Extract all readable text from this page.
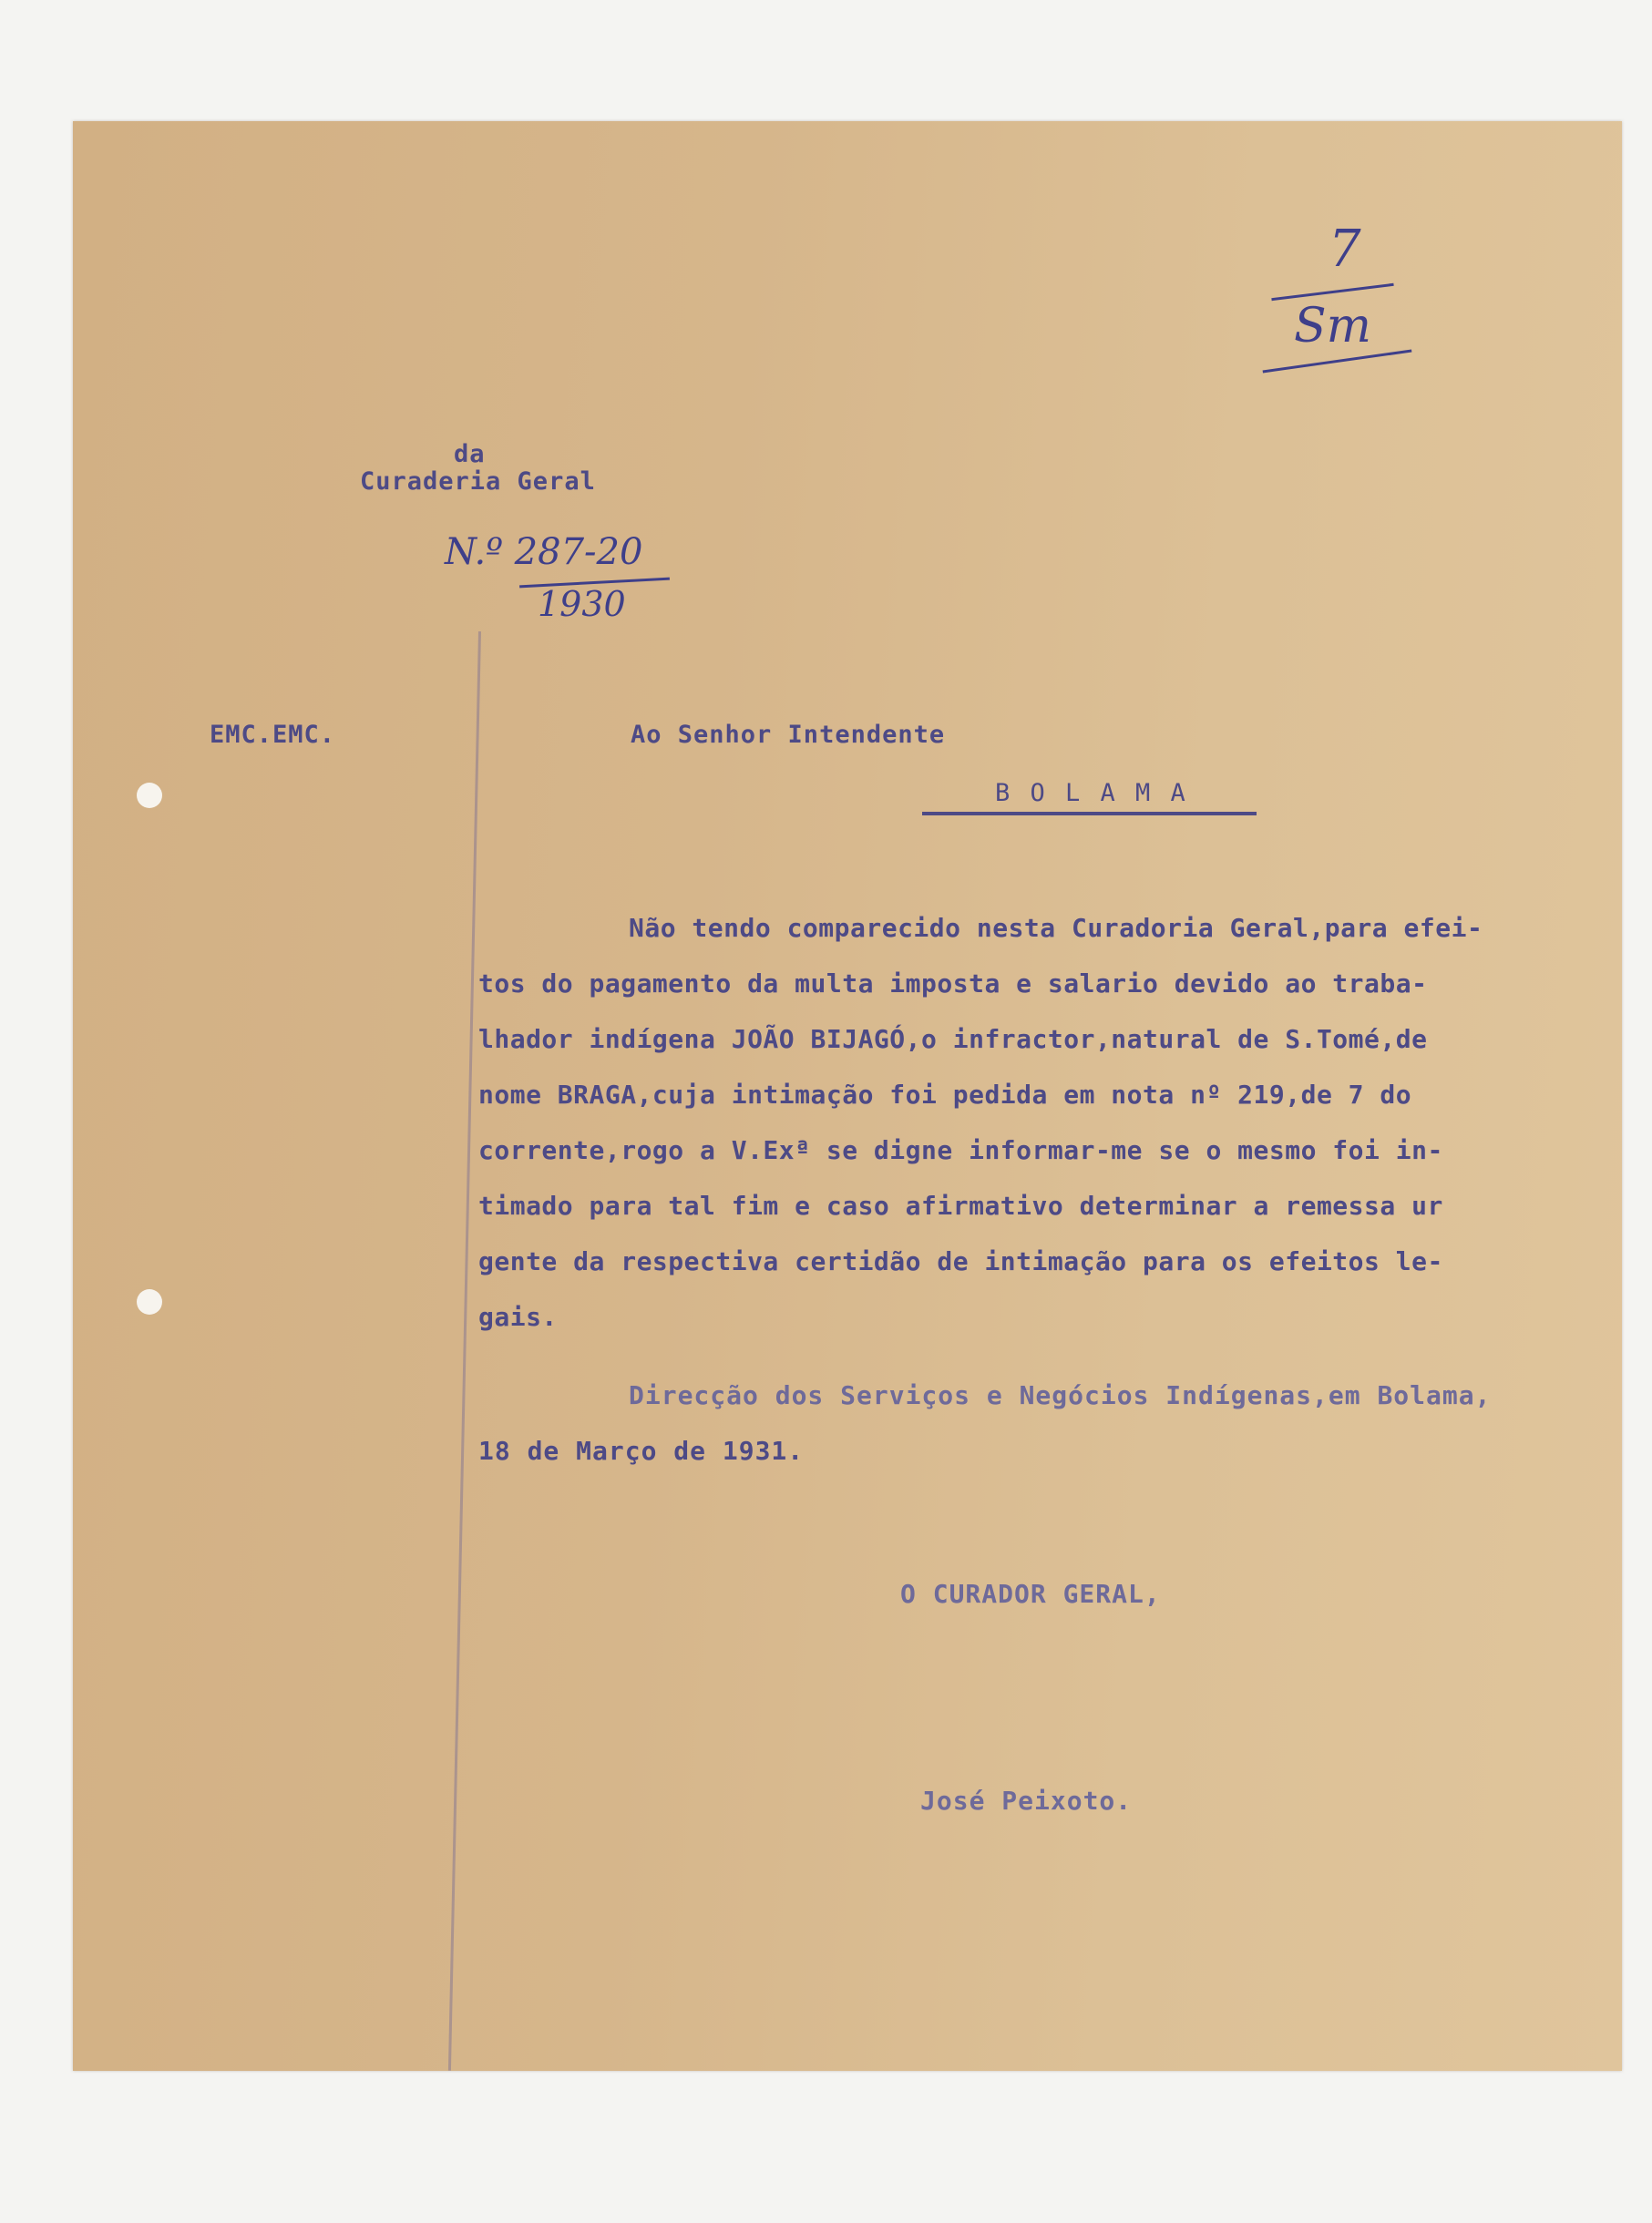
7
Sm

da

Curaderia Geral

N.º 287-20
1930

EMC.EMC.	Ao Senhor Intendente

B O L A M A

Não tendo comparecido nesta Curadoria Geral,para efei-
tos do pagamento da multa imposta e salario devido ao traba-
lhador indígena JOÃO BIJAGÓ,o infractor,natural de S.Tomé,de
nome BRAGA,cuja intimação foi pedida em nota nº 219,de 7 do
corrente,rogo a V.Exª se digne informar-me se o mesmo foi in-
timado para tal fim e caso afirmativo determinar a remessa ur
gente da respectiva certidão de intimação para os efeitos le-
gais.

Direcção dos Serviços e Negócios Indígenas,em Bolama,

18 de Março de 1931.

O CURADOR GERAL,

José Peixoto.
